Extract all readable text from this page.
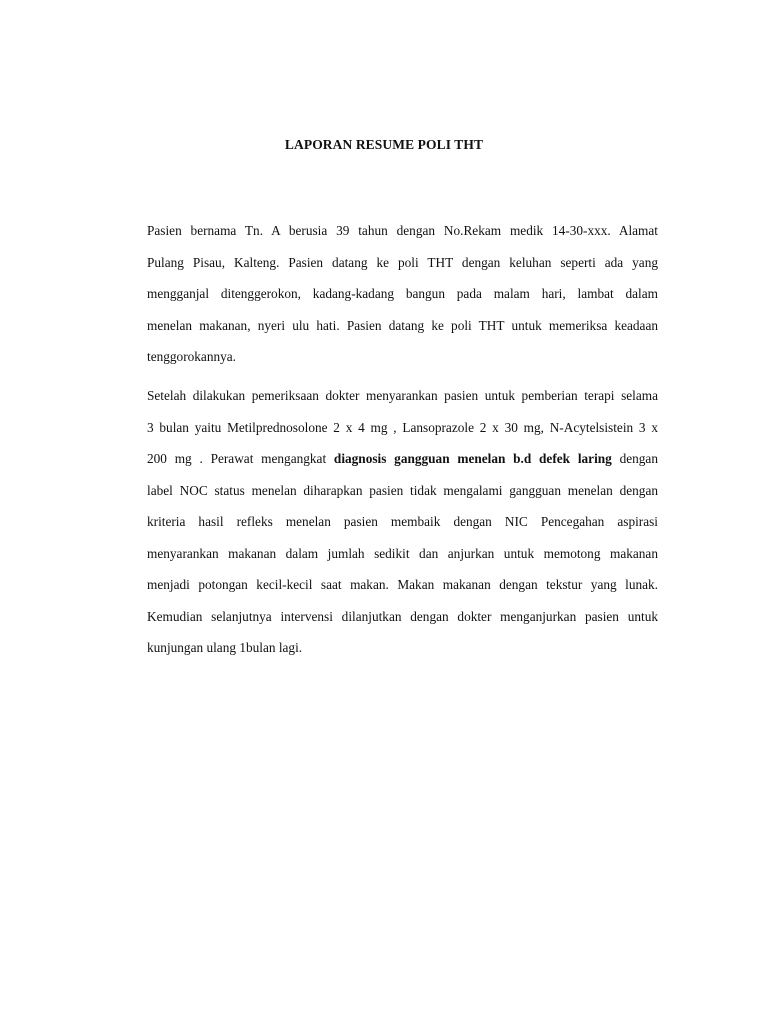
LAPORAN RESUME POLI THT
Pasien bernama Tn. A berusia 39 tahun dengan No.Rekam medik 14-30-xxx. Alamat
Pulang Pisau, Kalteng. Pasien datang ke poli THT dengan keluhan seperti ada yang
mengganjal ditenggerokon, kadang-kadang bangun pada malam hari, lambat dalam
menelan makanan, nyeri ulu hati. Pasien datang ke poli THT untuk memeriksa keadaan
tenggorokannya.
Setelah dilakukan pemeriksaan dokter menyarankan pasien untuk pemberian terapi selama
3 bulan yaitu Metilprednosolone 2 x 4 mg , Lansoprazole 2 x 30 mg, N-Acytelsistein 3 x
200 mg . Perawat mengangkat diagnosis gangguan menelan b.d defek laring dengan
label NOC status menelan diharapkan pasien tidak mengalami gangguan menelan dengan
kriteria hasil refleks menelan pasien membaik dengan NIC Pencegahan aspirasi
menyarankan makanan dalam jumlah sedikit dan anjurkan untuk memotong makanan
menjadi potongan kecil-kecil saat makan. Makan makanan dengan tekstur yang lunak.
Kemudian selanjutnya intervensi dilanjutkan dengan dokter menganjurkan pasien untuk
kunjungan ulang 1bulan lagi.
